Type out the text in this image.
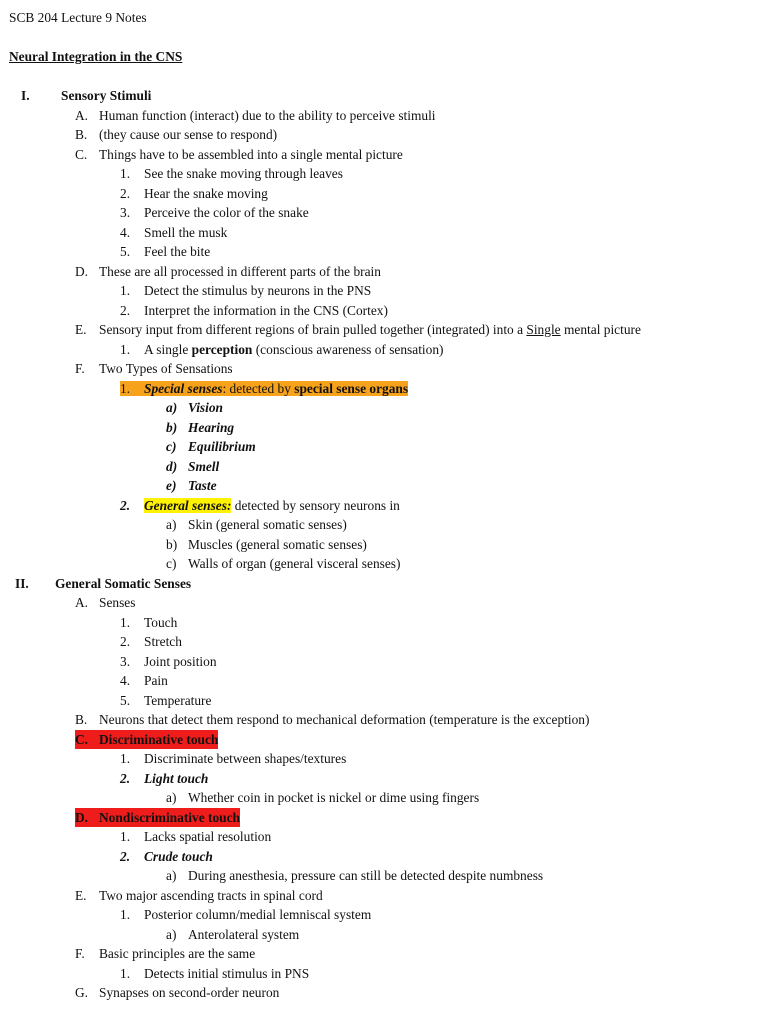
SCB 204 Lecture 9 Notes
Neural Integration in the CNS
I. Sensory Stimuli
A. Human function (interact) due to the ability to perceive stimuli
B. (they cause our sense to respond)
C. Things have to be assembled into a single mental picture
1. See the snake moving through leaves
2. Hear the snake moving
3. Perceive the color of the snake
4. Smell the musk
5. Feel the bite
D. These are all processed in different parts of the brain
1. Detect the stimulus by neurons in the PNS
2. Interpret the information in the CNS (Cortex)
E. Sensory input from different regions of brain pulled together (integrated) into a Single mental picture
1. A single perception (conscious awareness of sensation)
F. Two Types of Sensations
1. Special senses: detected by special sense organs
a) Vision
b) Hearing
c) Equilibrium
d) Smell
e) Taste
2. General senses: detected by sensory neurons in
a) Skin (general somatic senses)
b) Muscles (general somatic senses)
c) Walls of organ (general visceral senses)
II. General Somatic Senses
A. Senses
1. Touch
2. Stretch
3. Joint position
4. Pain
5. Temperature
B. Neurons that detect them respond to mechanical deformation (temperature is the exception)
C. Discriminative touch
1. Discriminate between shapes/textures
2. Light touch
a) Whether coin in pocket is nickel or dime using fingers
D. Nondiscriminative touch
1. Lacks spatial resolution
2. Crude touch
a) During anesthesia, pressure can still be detected despite numbness
E. Two major ascending tracts in spinal cord
1. Posterior column/medial lemniscal system
a) Anterolateral system
F. Basic principles are the same
1. Detects initial stimulus in PNS
G. Synapses on second-order neuron
